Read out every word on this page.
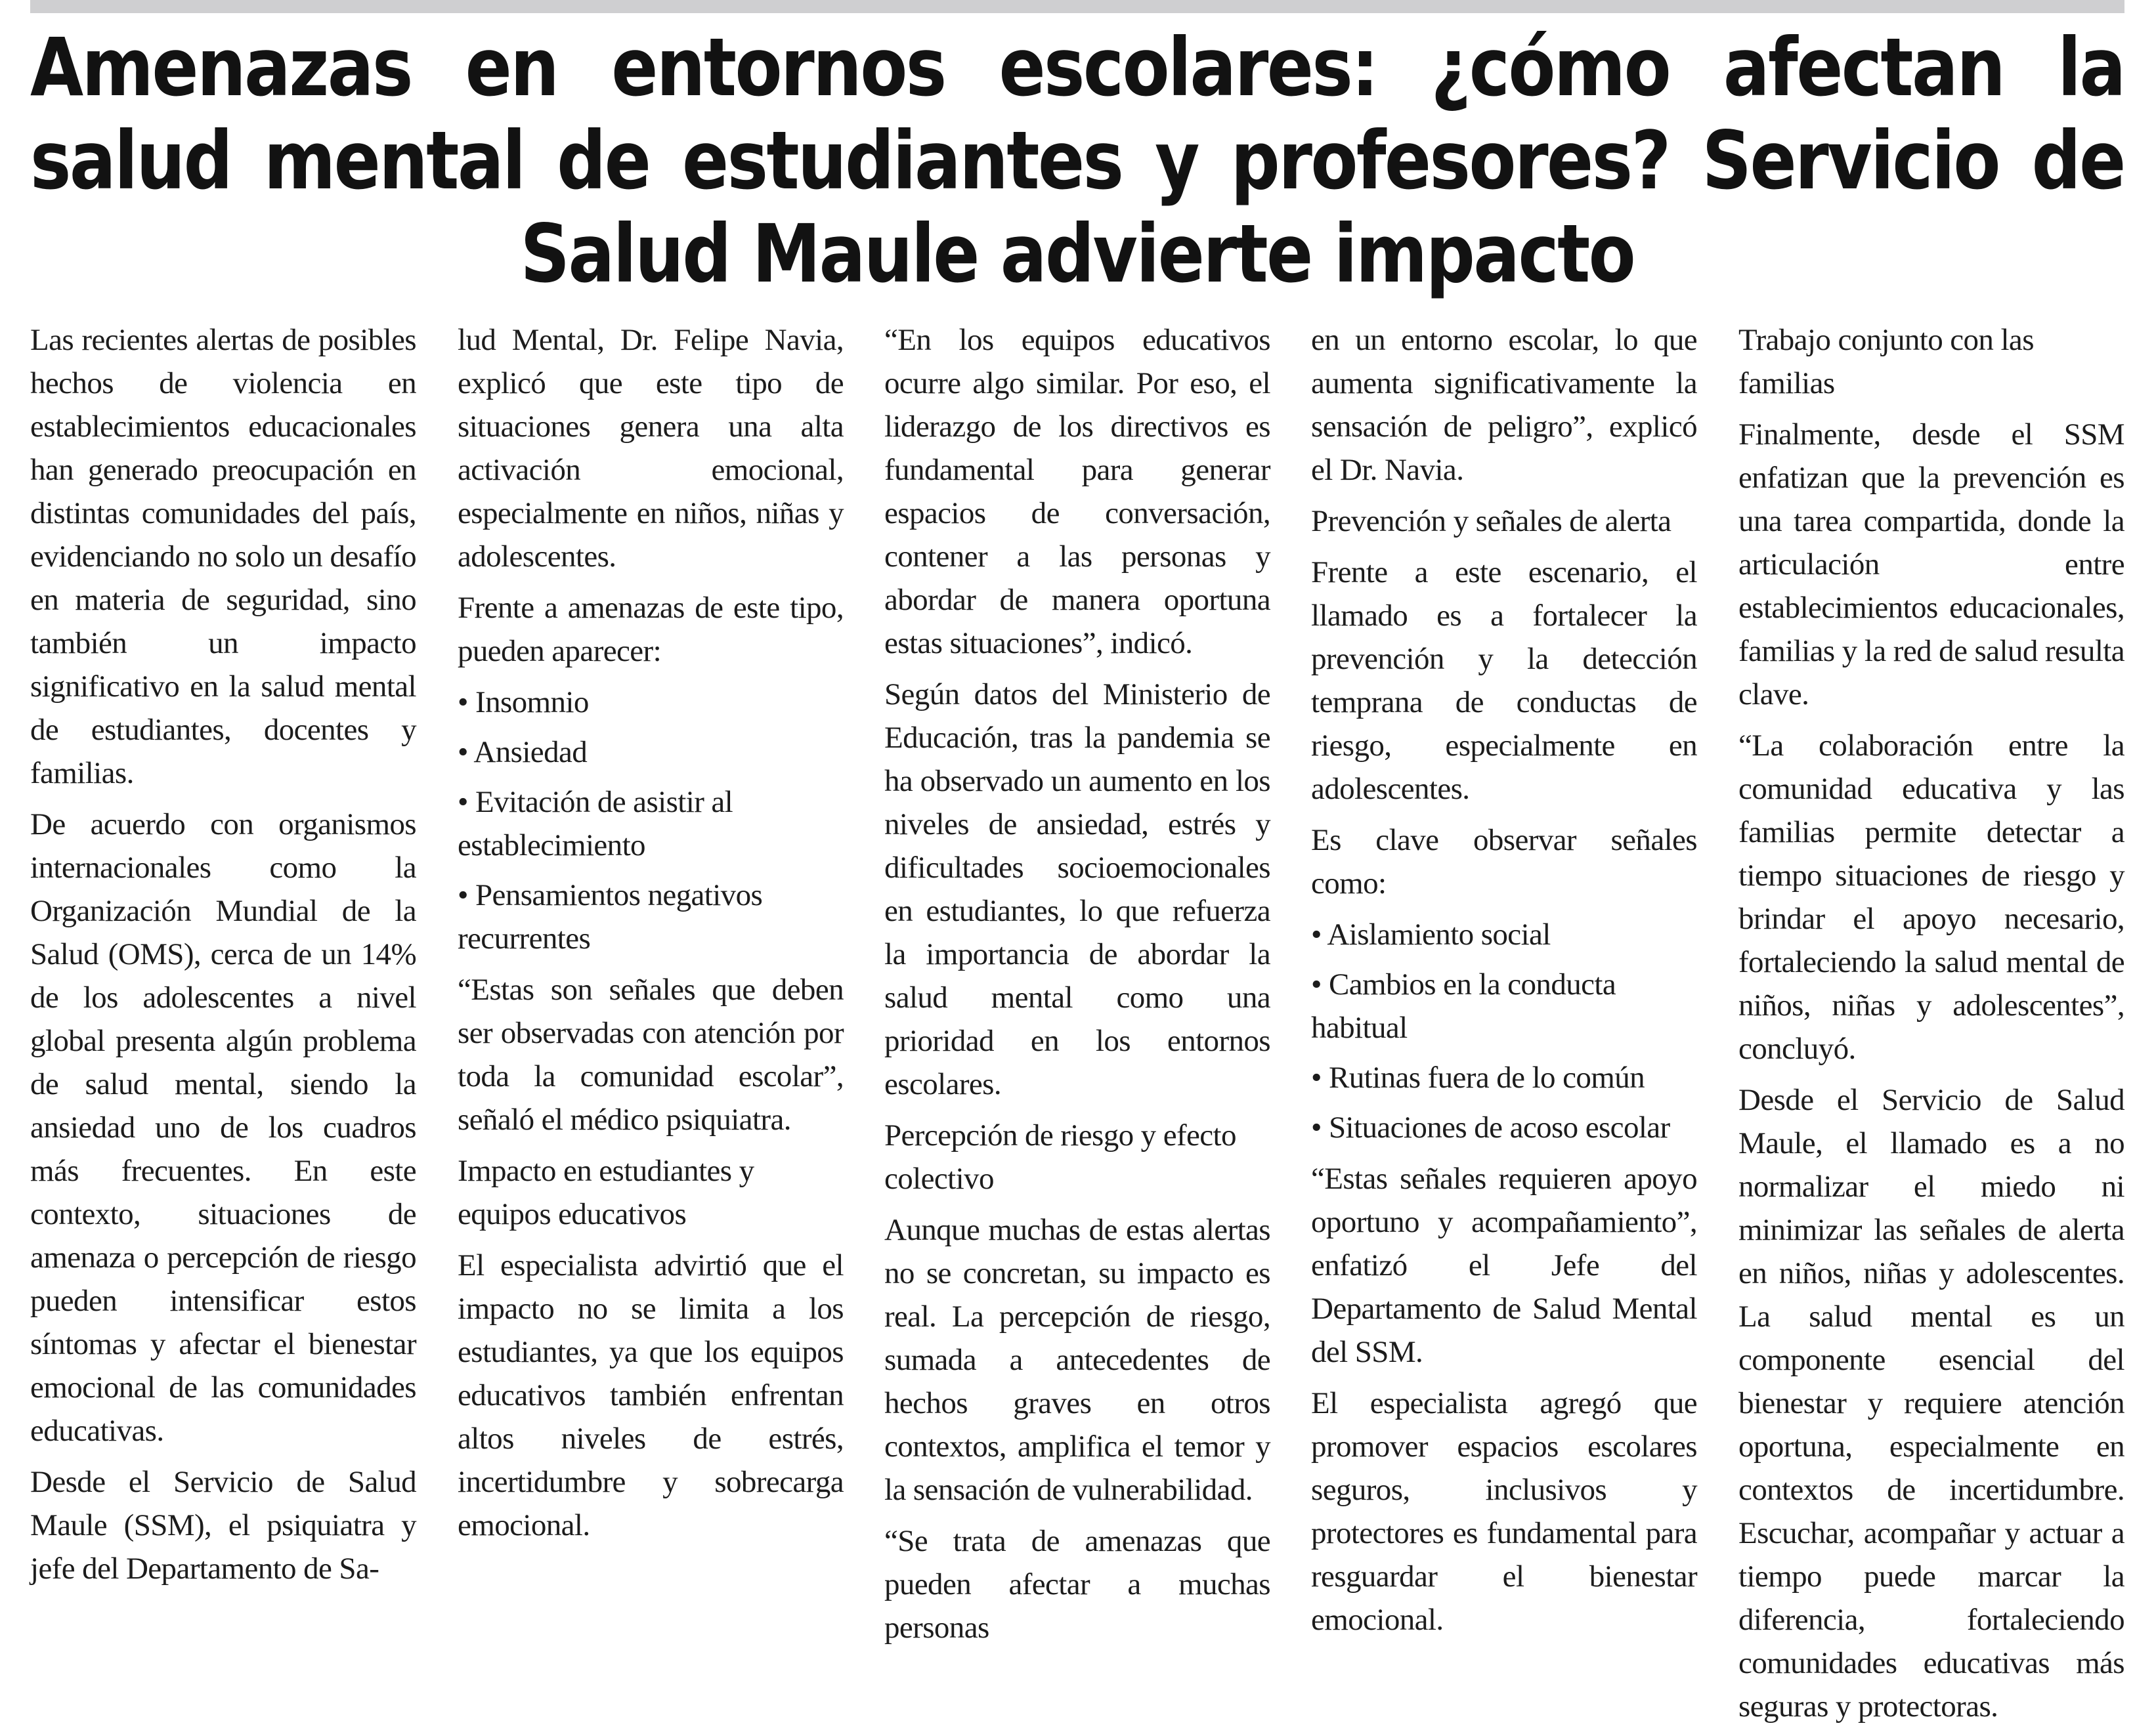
Amenazas en entornos escolares: ¿cómo afectan la salud mental de estudiantes y profesores? Servicio de Salud Maule advierte impacto

Las recientes alertas de posibles hechos de violencia en establecimientos educacionales han generado preocupación en distintas comunidades del país, evidenciando no solo un desafío en materia de seguridad, sino también un impacto significativo en la salud mental de estudiantes, docentes y familias.

De acuerdo con organismos internacionales como la Organización Mundial de la Salud (OMS), cerca de un 14% de los adolescentes a nivel global presenta algún problema de salud mental, siendo la ansiedad uno de los cuadros más frecuentes. En este contexto, situaciones de amenaza o percepción de riesgo pueden intensificar estos síntomas y afectar el bienestar emocional de las comunidades educativas.

Desde el Servicio de Salud Maule (SSM), el psiquiatra y jefe del Departamento de Sa-

lud Mental, Dr. Felipe Navia, explicó que este tipo de situaciones genera una alta activación emocional, especialmente en niños, niñas y adolescentes.

Frente a amenazas de este tipo, pueden aparecer:

• Insomnio
• Ansiedad
• Evitación de asistir al establecimiento
• Pensamientos negativos recurrentes

“Estas son señales que deben ser observadas con atención por toda la comunidad escolar”, señaló el médico psiquiatra.

Impacto en estudiantes y equipos educativos

El especialista advirtió que el impacto no se limita a los estudiantes, ya que los equipos educativos también enfrentan altos niveles de estrés, incertidumbre y sobrecarga emocional.

“En los equipos educativos ocurre algo similar. Por eso, el liderazgo de los directivos es fundamental para generar espacios de conversación, contener a las personas y abordar de manera oportuna estas situaciones”, indicó.

Según datos del Ministerio de Educación, tras la pandemia se ha observado un aumento en los niveles de ansiedad, estrés y dificultades socioemocionales en estudiantes, lo que refuerza la importancia de abordar la salud mental como una prioridad en los entornos escolares.

Percepción de riesgo y efecto colectivo

Aunque muchas de estas alertas no se concretan, su impacto es real. La percepción de riesgo, sumada a antecedentes de hechos graves en otros contextos, amplifica el temor y la sensación de vulnerabilidad.

“Se trata de amenazas que pueden afectar a muchas personas

en un entorno escolar, lo que aumenta significativamente la sensación de peligro”, explicó el Dr. Navia.

Prevención y señales de alerta

Frente a este escenario, el llamado es a fortalecer la prevención y la detección temprana de conductas de riesgo, especialmente en adolescentes.

Es clave observar señales como:

• Aislamiento social
• Cambios en la conducta habitual
• Rutinas fuera de lo común
• Situaciones de acoso escolar

“Estas señales requieren apoyo oportuno y acompañamiento”, enfatizó el Jefe del Departamento de Salud Mental del SSM.

El especialista agregó que promover espacios escolares seguros, inclusivos y protectores es fundamental para resguardar el bienestar emocional.

Trabajo conjunto con las familias

Finalmente, desde el SSM enfatizan que la prevención es una tarea compartida, donde la articulación entre establecimientos educacionales, familias y la red de salud resulta clave.

“La colaboración entre la comunidad educativa y las familias permite detectar a tiempo situaciones de riesgo y brindar el apoyo necesario, fortaleciendo la salud mental de niños, niñas y adolescentes”, concluyó.

Desde el Servicio de Salud Maule, el llamado es a no normalizar el miedo ni minimizar las señales de alerta en niños, niñas y adolescentes. La salud mental es un componente esencial del bienestar y requiere atención oportuna, especialmente en contextos de incertidumbre. Escuchar, acompañar y actuar a tiempo puede marcar la diferencia, fortaleciendo comunidades educativas más seguras y protectoras.
